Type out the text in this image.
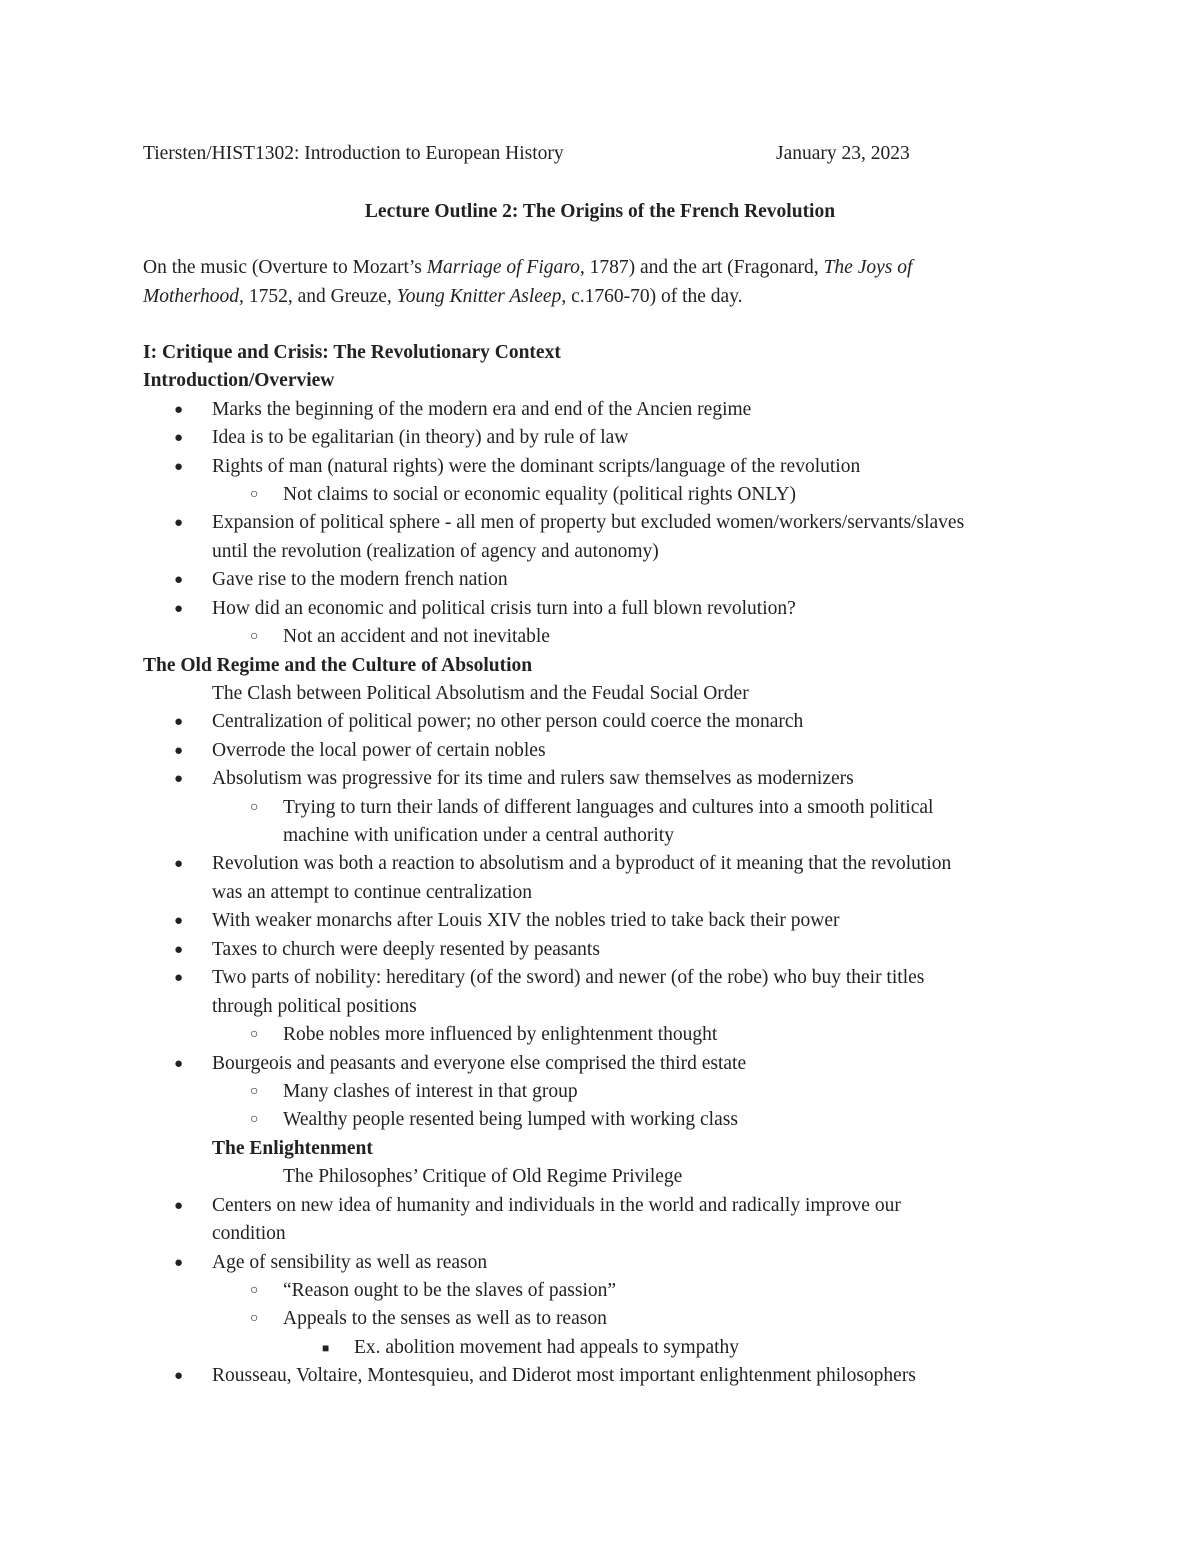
Tiersten/HIST1302: Introduction to European History	January 23, 2023
Lecture Outline 2: The Origins of the French Revolution
On the music (Overture to Mozart’s Marriage of Figaro, 1787) and the art (Fragonard, The Joys of
Motherhood, 1752, and Greuze, Young Knitter Asleep, c.1760-70) of the day.
I: Critique and Crisis: The Revolutionary Context
Introduction/Overview
● Marks the beginning of the modern era and end of the Ancien regime
● Idea is to be egalitarian (in theory) and by rule of law
● Rights of man (natural rights) were the dominant scripts/language of the revolution
○ Not claims to social or economic equality (political rights ONLY)
● Expansion of political sphere - all men of property but excluded women/workers/servants/slaves
until the revolution (realization of agency and autonomy)
● Gave rise to the modern french nation
● How did an economic and political crisis turn into a full blown revolution?
○ Not an accident and not inevitable
The Old Regime and the Culture of Absolution
The Clash between Political Absolutism and the Feudal Social Order
● Centralization of political power; no other person could coerce the monarch
● Overrode the local power of certain nobles
● Absolutism was progressive for its time and rulers saw themselves as modernizers
○ Trying to turn their lands of different languages and cultures into a smooth political
machine with unification under a central authority
● Revolution was both a reaction to absolutism and a byproduct of it meaning that the revolution
was an attempt to continue centralization
● With weaker monarchs after Louis XIV the nobles tried to take back their power
● Taxes to church were deeply resented by peasants
● Two parts of nobility: hereditary (of the sword) and newer (of the robe) who buy their titles
through political positions
○ Robe nobles more influenced by enlightenment thought
● Bourgeois and peasants and everyone else comprised the third estate
○ Many clashes of interest in that group
○ Wealthy people resented being lumped with working class
The Enlightenment
The Philosophes’ Critique of Old Regime Privilege
● Centers on new idea of humanity and individuals in the world and radically improve our
condition
● Age of sensibility as well as reason
○ “Reason ought to be the slaves of passion”
○ Appeals to the senses as well as to reason
■ Ex. abolition movement had appeals to sympathy
● Rousseau, Voltaire, Montesquieu, and Diderot most important enlightenment philosophers
